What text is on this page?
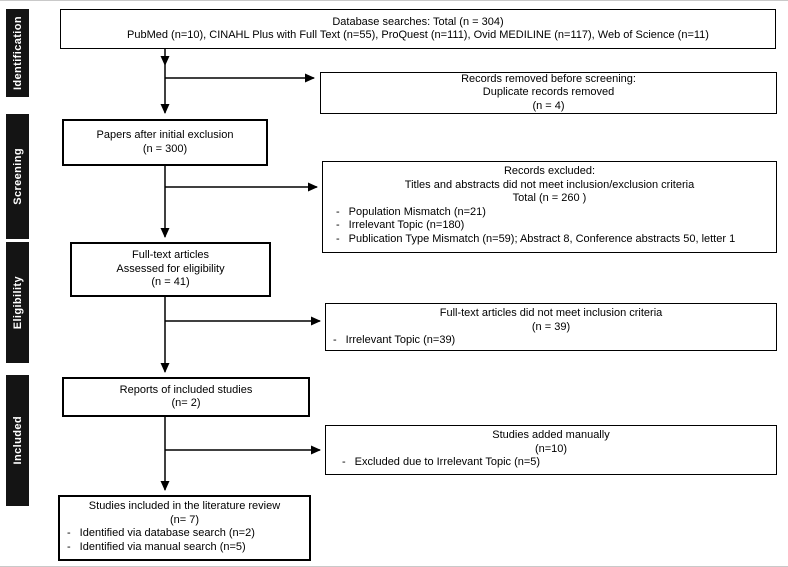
Identification
Screening
Eligibility
Included
Database searches: Total (n = 304)
PubMed (n=10), CINAHL Plus with Full Text (n=55), ProQuest (n=111), Ovid MEDILINE (n=117), Web of Science (n=11)
Records removed before screening:
Duplicate records removed
(n = 4)
Papers after initial exclusion
(n = 300)
Records excluded:
Titles and abstracts did not meet inclusion/exclusion criteria
Total (n = 260 )
- Population Mismatch (n=21)
- Irrelevant Topic (n=180)
- Publication Type Mismatch (n=59); Abstract 8, Conference abstracts 50, letter 1
Full-text articles
Assessed for eligibility
(n = 41)
Full-text articles did not meet inclusion criteria
(n = 39)
- Irrelevant Topic (n=39)
Reports of included studies
(n= 2)
Studies added manually
(n=10)
- Excluded due to Irrelevant Topic (n=5)
Studies included in the literature review
(n= 7)
- Identified via database search (n=2)
- Identified via manual search (n=5)
